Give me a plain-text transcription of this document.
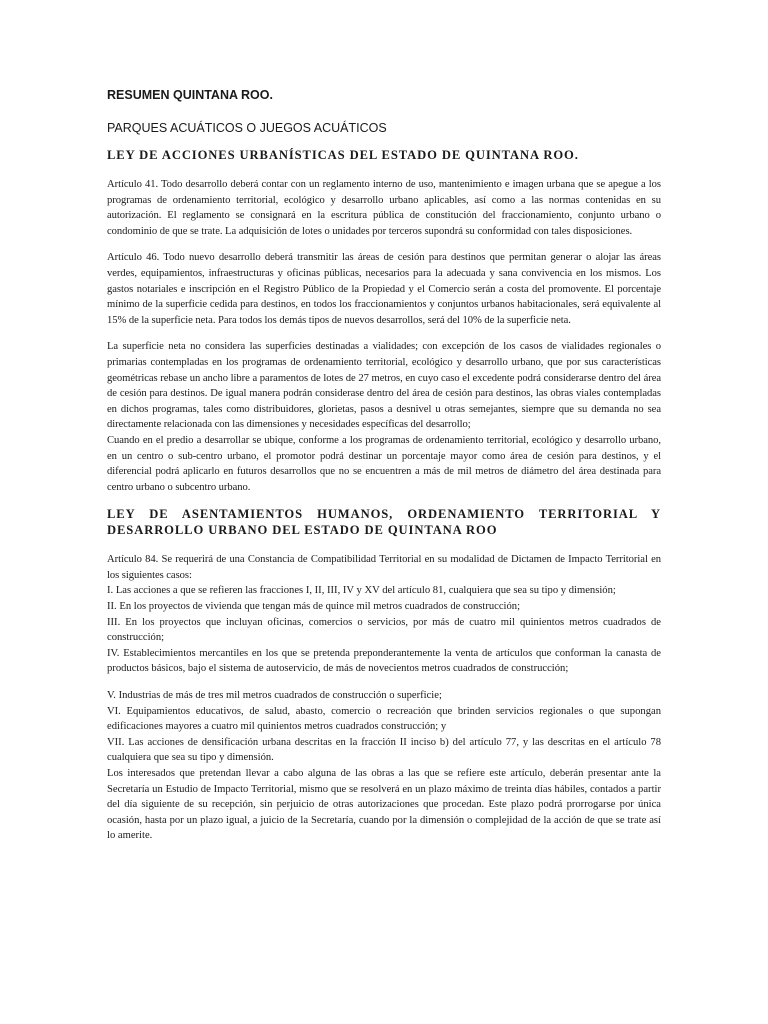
RESUMEN QUINTANA ROO.
PARQUES ACUÁTICOS O JUEGOS ACUÁTICOS
LEY DE ACCIONES URBANÍSTICAS DEL ESTADO DE QUINTANA ROO.

Artículo 41. Todo desarrollo deberá contar con un reglamento interno de uso, mantenimiento e imagen urbana que se apegue a los programas de ordenamiento territorial, ecológico y desarrollo urbano aplicables, así como a las normas contenidas en su autorización. El reglamento se consignará en la escritura pública de constitución del fraccionamiento, conjunto urbano o condominio de que se trate. La adquisición de lotes o unidades por terceros supondrá su conformidad con tales disposiciones.

Artículo 46. Todo nuevo desarrollo deberá transmitir las áreas de cesión para destinos que permitan generar o alojar las áreas verdes, equipamientos, infraestructuras y oficinas públicas, necesarios para la adecuada y sana convivencia en los mismos. Los gastos notariales e inscripción en el Registro Público de la Propiedad y el Comercio serán a costa del promovente. El porcentaje mínimo de la superficie cedida para destinos, en todos los fraccionamientos y conjuntos urbanos habitacionales, será equivalente al 15% de la superficie neta. Para todos los demás tipos de nuevos desarrollos, será del 10% de la superficie neta.

La superficie neta no considera las superficies destinadas a vialidades; con excepción de los casos de vialidades regionales o primarias contempladas en los programas de ordenamiento territorial, ecológico y desarrollo urbano, que por sus características geométricas rebase un ancho libre a paramentos de lotes de 27 metros, en cuyo caso el excedente podrá considerarse dentro del área de cesión para destinos. De igual manera podrán considerase dentro del área de cesión para destinos, las obras viales contempladas en dichos programas, tales como distribuidores, glorietas, pasos a desnivel u otras semejantes, siempre que su demanda no sea directamente relacionada con las dimensiones y necesidades específicas del desarrollo;

Cuando en el predio a desarrollar se ubique, conforme a los programas de ordenamiento territorial, ecológico y desarrollo urbano, en un centro o sub-centro urbano, el promotor podrá destinar un porcentaje mayor como área de cesión para destinos, y el diferencial podrá aplicarlo en futuros desarrollos que no se encuentren a más de mil metros de diámetro del área destinada para centro urbano o subcentro urbano.

LEY DE ASENTAMIENTOS HUMANOS, ORDENAMIENTO TERRITORIAL Y DESARROLLO URBANO DEL ESTADO DE QUINTANA ROO

Artículo 84. Se requerirá de una Constancia de Compatibilidad Territorial en su modalidad de Dictamen de Impacto Territorial en los siguientes casos:

I. Las acciones a que se refieren las fracciones I, II, III, IV y XV del artículo 81, cualquiera que sea su tipo y dimensión;
II. En los proyectos de vivienda que tengan más de quince mil metros cuadrados de construcción;
III. En los proyectos que incluyan oficinas, comercios o servicios, por más de cuatro mil quinientos metros cuadrados de construcción;
IV. Establecimientos mercantiles en los que se pretenda preponderantemente la venta de artículos que conforman la canasta de productos básicos, bajo el sistema de autoservicio, de más de novecientos metros cuadrados de construcción;
V. Industrias de más de tres mil metros cuadrados de construcción o superficie;
VI. Equipamientos educativos, de salud, abasto, comercio o recreación que brinden servicios regionales o que supongan edificaciones mayores a cuatro mil quinientos metros cuadrados construcción; y
VII. Las acciones de densificación urbana descritas en la fracción II inciso b) del artículo 77, y las descritas en el artículo 78 cualquiera que sea su tipo y dimensión.
Los interesados que pretendan llevar a cabo alguna de las obras a las que se refiere este artículo, deberán presentar ante la Secretaría un Estudio de Impacto Territorial, mismo que se resolverá en un plazo máximo de treinta días hábiles, contados a partir del día siguiente de su recepción, sin perjuicio de otras autorizaciones que procedan. Este plazo podrá prorrogarse por única ocasión, hasta por un plazo igual, a juicio de la Secretaría, cuando por la dimensión o complejidad de la acción de que se trate así lo amerite.
